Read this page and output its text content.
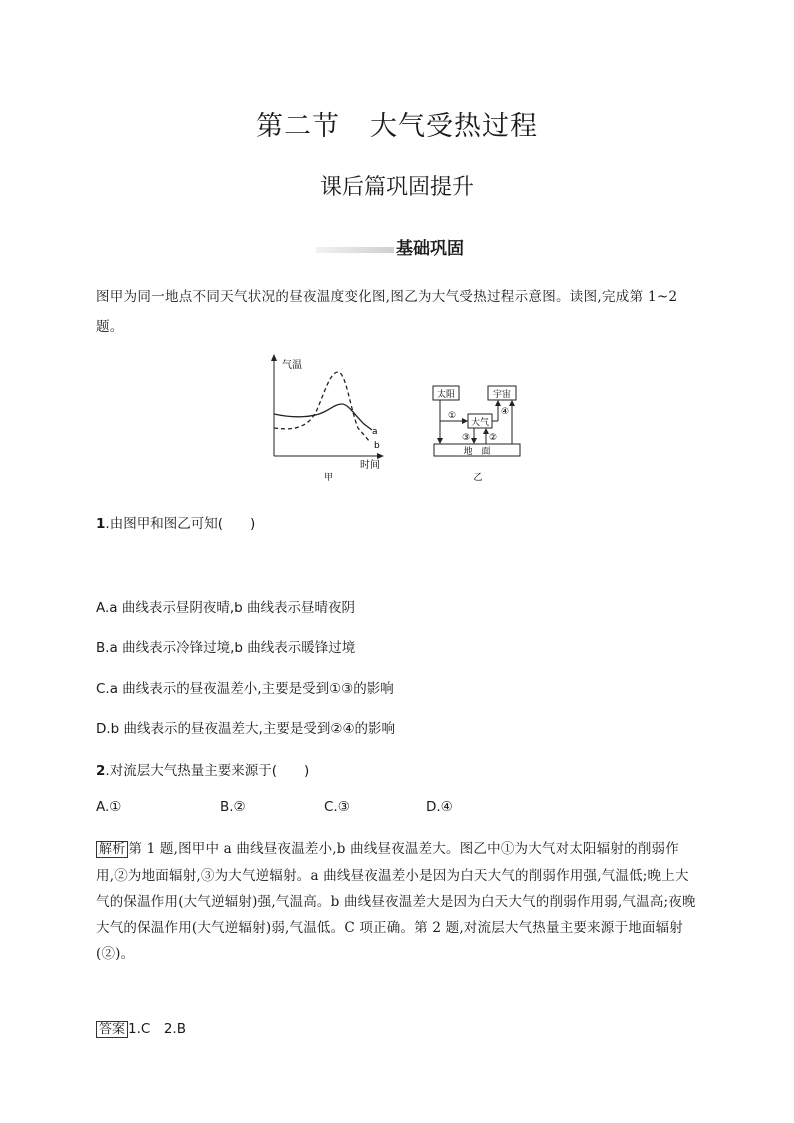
第二节 大气受热过程
课后篇巩固提升
基础巩固
图甲为同一地点不同天气状况的昼夜温度变化图,图乙为大气受热过程示意图。读图,完成第 1~2 题。
气温
时间
a
b
甲
太阳	宇宙
大气
地　面
①
③ ②
④
乙
1.由图甲和图乙可知(　　)
A.a 曲线表示昼阴夜晴,b 曲线表示昼晴夜阴
B.a 曲线表示冷锋过境,b 曲线表示暖锋过境
C.a 曲线表示的昼夜温差小,主要是受到①③的影响
D.b 曲线表示的昼夜温差大,主要是受到②④的影响
2.对流层大气热量主要来源于(　　)
A.①	B.②	C.③	D.④
解析 第 1 题,图甲中 a 曲线昼夜温差小,b 曲线昼夜温差大。图乙中①为大气对太阳辐射的削弱作用,②为地面辐射,③为大气逆辐射。a 曲线昼夜温差小是因为白天大气的削弱作用强,气温低;晚上大气的保温作用(大气逆辐射)强,气温高。b 曲线昼夜温差大是因为白天大气的削弱作用弱,气温高;夜晚大气的保温作用(大气逆辐射)弱,气温低。C 项正确。第 2 题,对流层大气热量主要来源于地面辐射(②)。
答案 1.C　2.B
